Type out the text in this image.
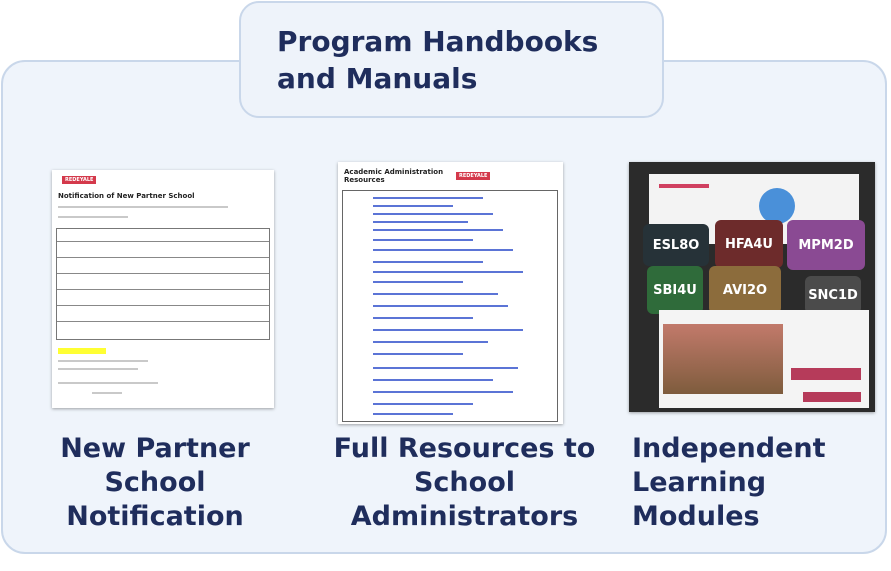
Program Handbooks
and Manuals
REDEYALE
Notification of New Partner School
New Partner School
Notification
Academic Administration Resources	REDEYALE
Full Resources to
School Administrators
ESL8O	HFA4U	MPM2D
SBI4U	AVI2O	SNC1D
Independent
Learning Modules
